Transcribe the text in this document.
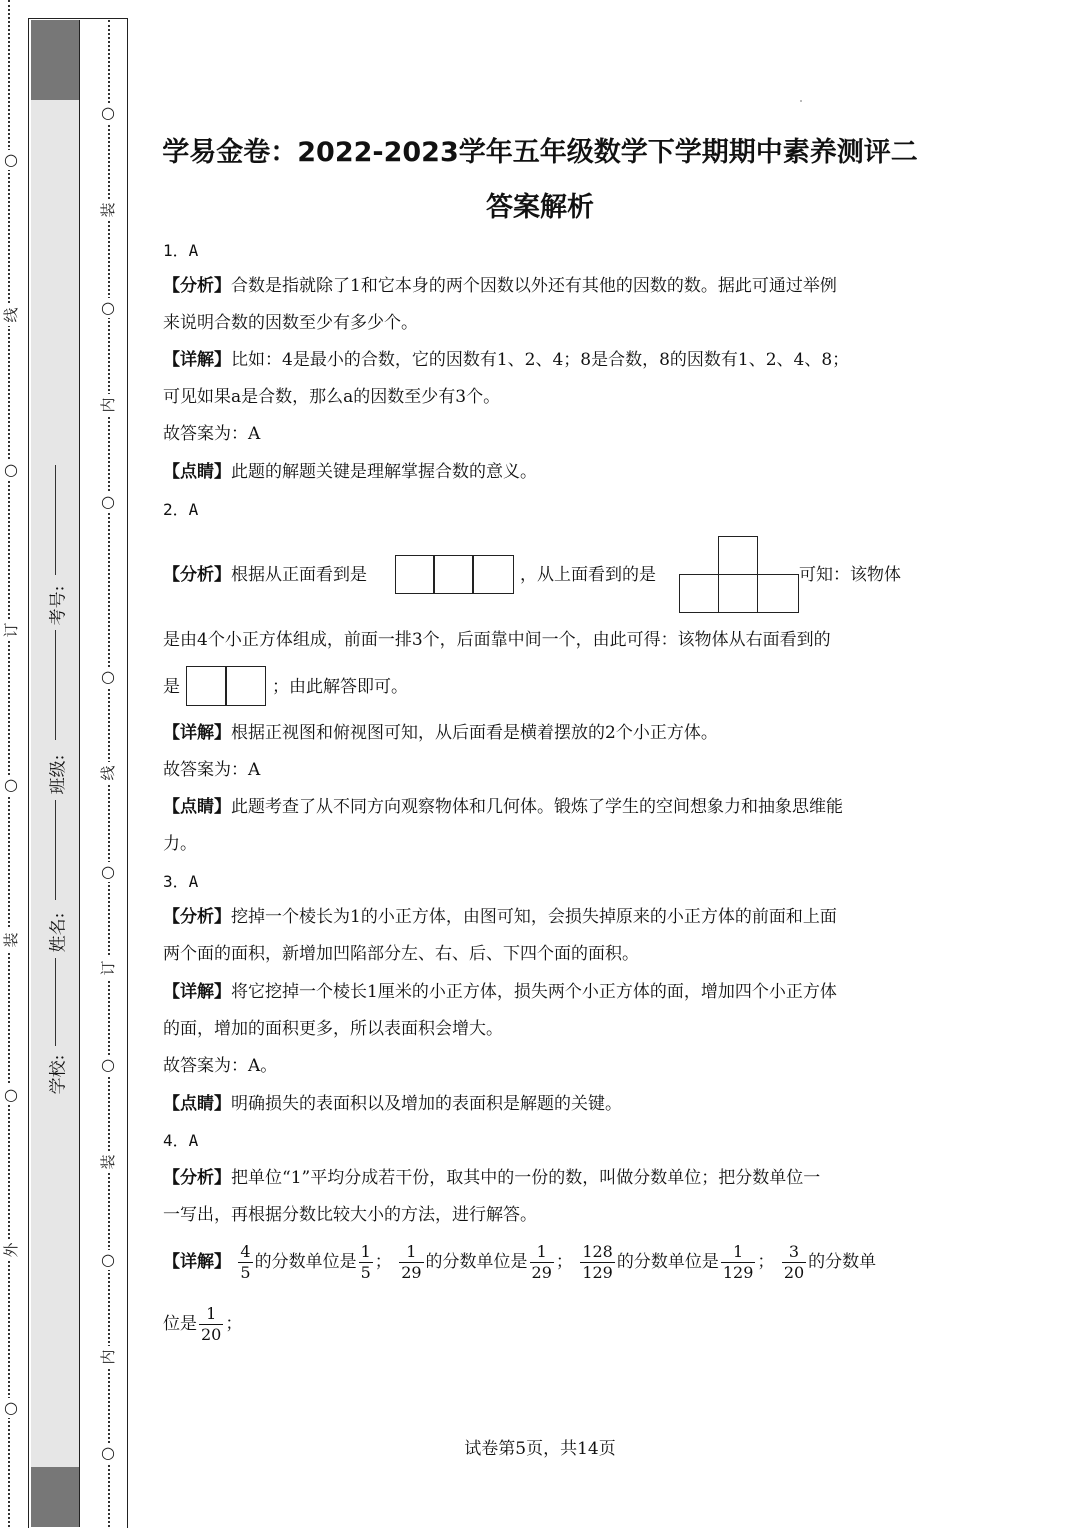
○
线
○
订
○
装
○
外
○
学校:
姓名:
班级:
考号:
○
装
○
内
○
○
线
○
订
○
装
○
内
○
学易金卷：2022-2023学年五年级数学下学期期中素养测评二
答案解析
1．A
【分析】合数是指就除了1和它本身的两个因数以外还有其他的因数的数。据此可通过举例
来说明合数的因数至少有多少个。
【详解】比如：4是最小的合数，它的因数有1、2、4；8是合数，8的因数有1、2、4、8；
可见如果a是合数，那么a的因数至少有3个。
故答案为：A
【点睛】此题的解题关键是理解掌握合数的意义。
2．A
【分析】根据从正面看到是	，从上面看到的是	可知：该物体
是由4个小正方体组成，前面一排3个，后面靠中间一个，由此可得：该物体从右面看到的
是	；由此解答即可。
【详解】根据正视图和俯视图可知，从后面看是横着摆放的2个小正方体。
故答案为：A
【点睛】此题考查了从不同方向观察物体和几何体。锻炼了学生的空间想象力和抽象思维能
力。
3．A
【分析】挖掉一个棱长为1的小正方体，由图可知，会损失掉原来的小正方体的前面和上面
两个面的面积，新增加凹陷部分左、右、后、下四个面的面积。
【详解】将它挖掉一个棱长1厘米的小正方体，损失两个小正方体的面，增加四个小正方体
的面，增加的面积更多，所以表面积会增大。
故答案为：A。
【点睛】明确损失的表面积以及增加的表面积是解题的关键。
4．A
【分析】把单位“1”平均分成若干份，取其中的一份的数，叫做分数单位；把分数单位一
一写出，再根据分数比较大小的方法，进行解答。
【详解】 $\frac{4}{5}$ 的分数单位是 $\frac{1}{5}$ ； $\frac{1}{29}$ 的分数单位是 $\frac{1}{29}$ ； $\frac{128}{129}$ 的分数单位是 $\frac{1}{129}$ ； $\frac{3}{20}$ 的分数单
位是 $\frac{1}{20}$ ；
试卷第5页，共14页
